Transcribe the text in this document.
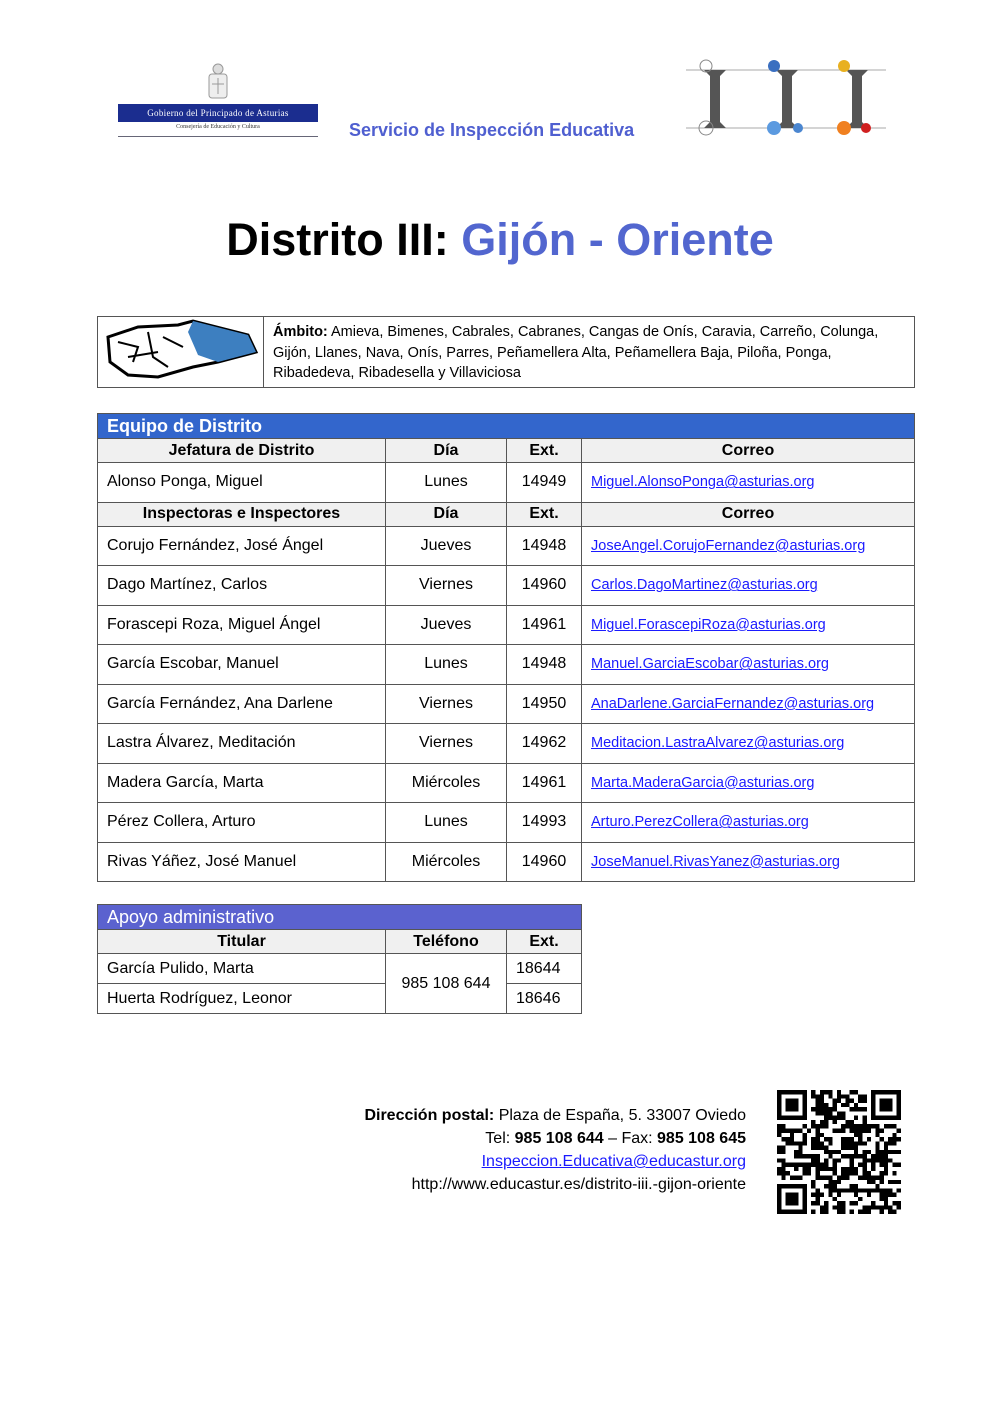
Gobierno del Principado de Asturias
Consejería de Educación y Cultura	Servicio de Inspección Educativa
Distrito III: Gijón - Oriente
Ámbito: Amieva, Bimenes, Cabrales, Cabranes, Cangas de Onís, Caravia, Carreño, Colunga, Gijón, Llanes, Nava, Onís, Parres, Peñamellera Alta, Peñamellera Baja, Piloña, Ponga, Ribadedeva, Ribadesella y Villaviciosa
Equipo de Distrito			
Jefatura de Distrito	Día	Ext.	Correo
Alonso Ponga, Miguel	Lunes	14949	Miguel.AlonsoPonga@asturias.org
Inspectoras e Inspectores	Día	Ext.	Correo
Corujo Fernández, José Ángel	Jueves	14948	JoseAngel.CorujoFernandez@asturias.org
Dago Martínez, Carlos	Viernes	14960	Carlos.DagoMartinez@asturias.org
Forascepi Roza, Miguel Ángel	Jueves	14961	Miguel.ForascepiRoza@asturias.org
García Escobar, Manuel	Lunes	14948	Manuel.GarciaEscobar@asturias.org
García Fernández, Ana Darlene	Viernes	14950	AnaDarlene.GarciaFernandez@asturias.org
Lastra Álvarez, Meditación	Viernes	14962	Meditacion.LastraAlvarez@asturias.org
Madera García, Marta	Miércoles	14961	Marta.MaderaGarcia@asturias.org
Pérez Collera, Arturo	Lunes	14993	Arturo.PerezCollera@asturias.org
Rivas Yáñez, José Manuel	Miércoles	14960	JoseManuel.RivasYanez@asturias.org
Apoyo administrativo		
Titular	Teléfono	Ext.
García Pulido, Marta	985 108 644	18644
Huerta Rodríguez, Leonor		18646
Dirección postal: Plaza de España, 5. 33007 Oviedo
Tel: 985 108 644 – Fax: 985 108 645
Inspeccion.Educativa@educastur.org
http://www.educastur.es/distrito-iii.-gijon-oriente
